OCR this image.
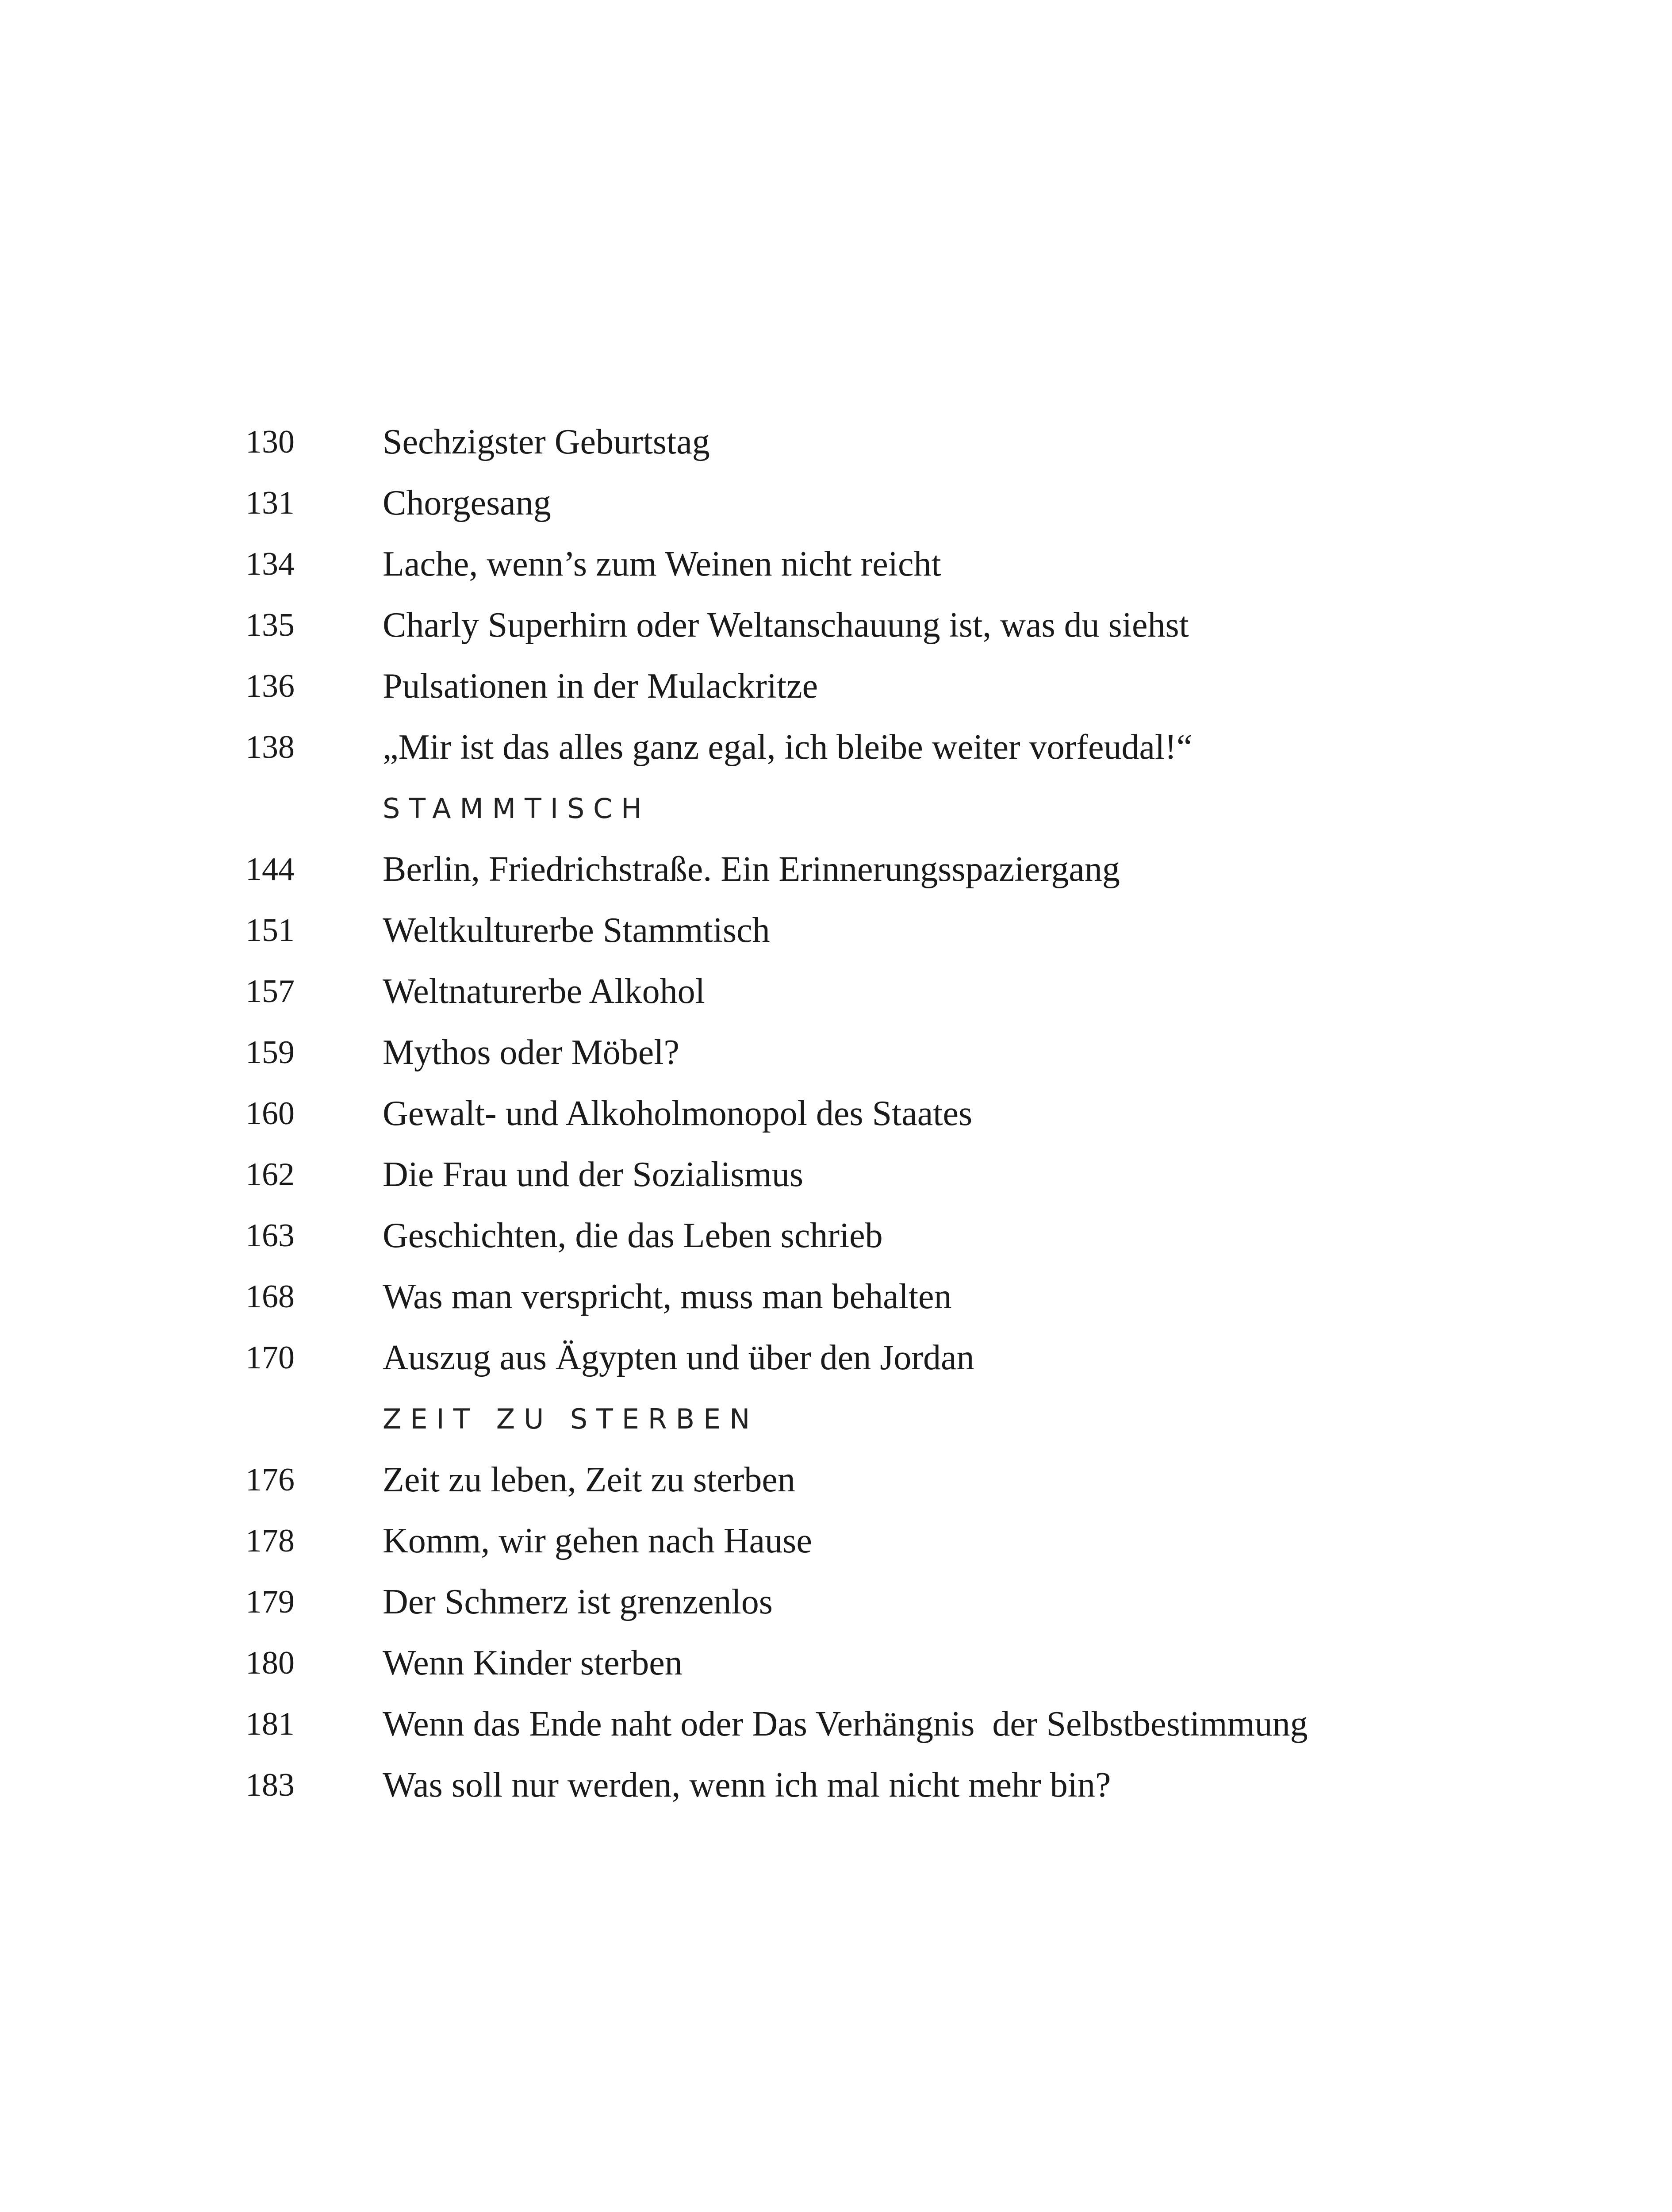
130	Sechzigster Geburtstag
131	Chorgesang
134	Lache, wenn’s zum Weinen nicht reicht
135	Charly Superhirn oder Weltanschauung ist, was du siehst
136	Pulsationen in der Mulackritze
138	„Mir ist das alles ganz egal, ich bleibe weiter vorfeudal!“
STAMMTISCH
144	Berlin, Friedrichstraße. Ein Erinnerungsspaziergang
151	Weltkulturerbe Stammtisch
157	Weltnaturerbe Alkohol
159	Mythos oder Möbel?
160	Gewalt- und Alkoholmonopol des Staates
162	Die Frau und der Sozialismus
163	Geschichten, die das Leben schrieb
168	Was man verspricht, muss man behalten
170	Auszug aus Ägypten und über den Jordan
ZEIT ZU STERBEN
176	Zeit zu leben, Zeit zu sterben
178	Komm, wir gehen nach Hause
179	Der Schmerz ist grenzenlos
180	Wenn Kinder sterben
181	Wenn das Ende naht oder Das Verhängnis  der Selbstbestimmung
183	Was soll nur werden, wenn ich mal nicht mehr bin?
